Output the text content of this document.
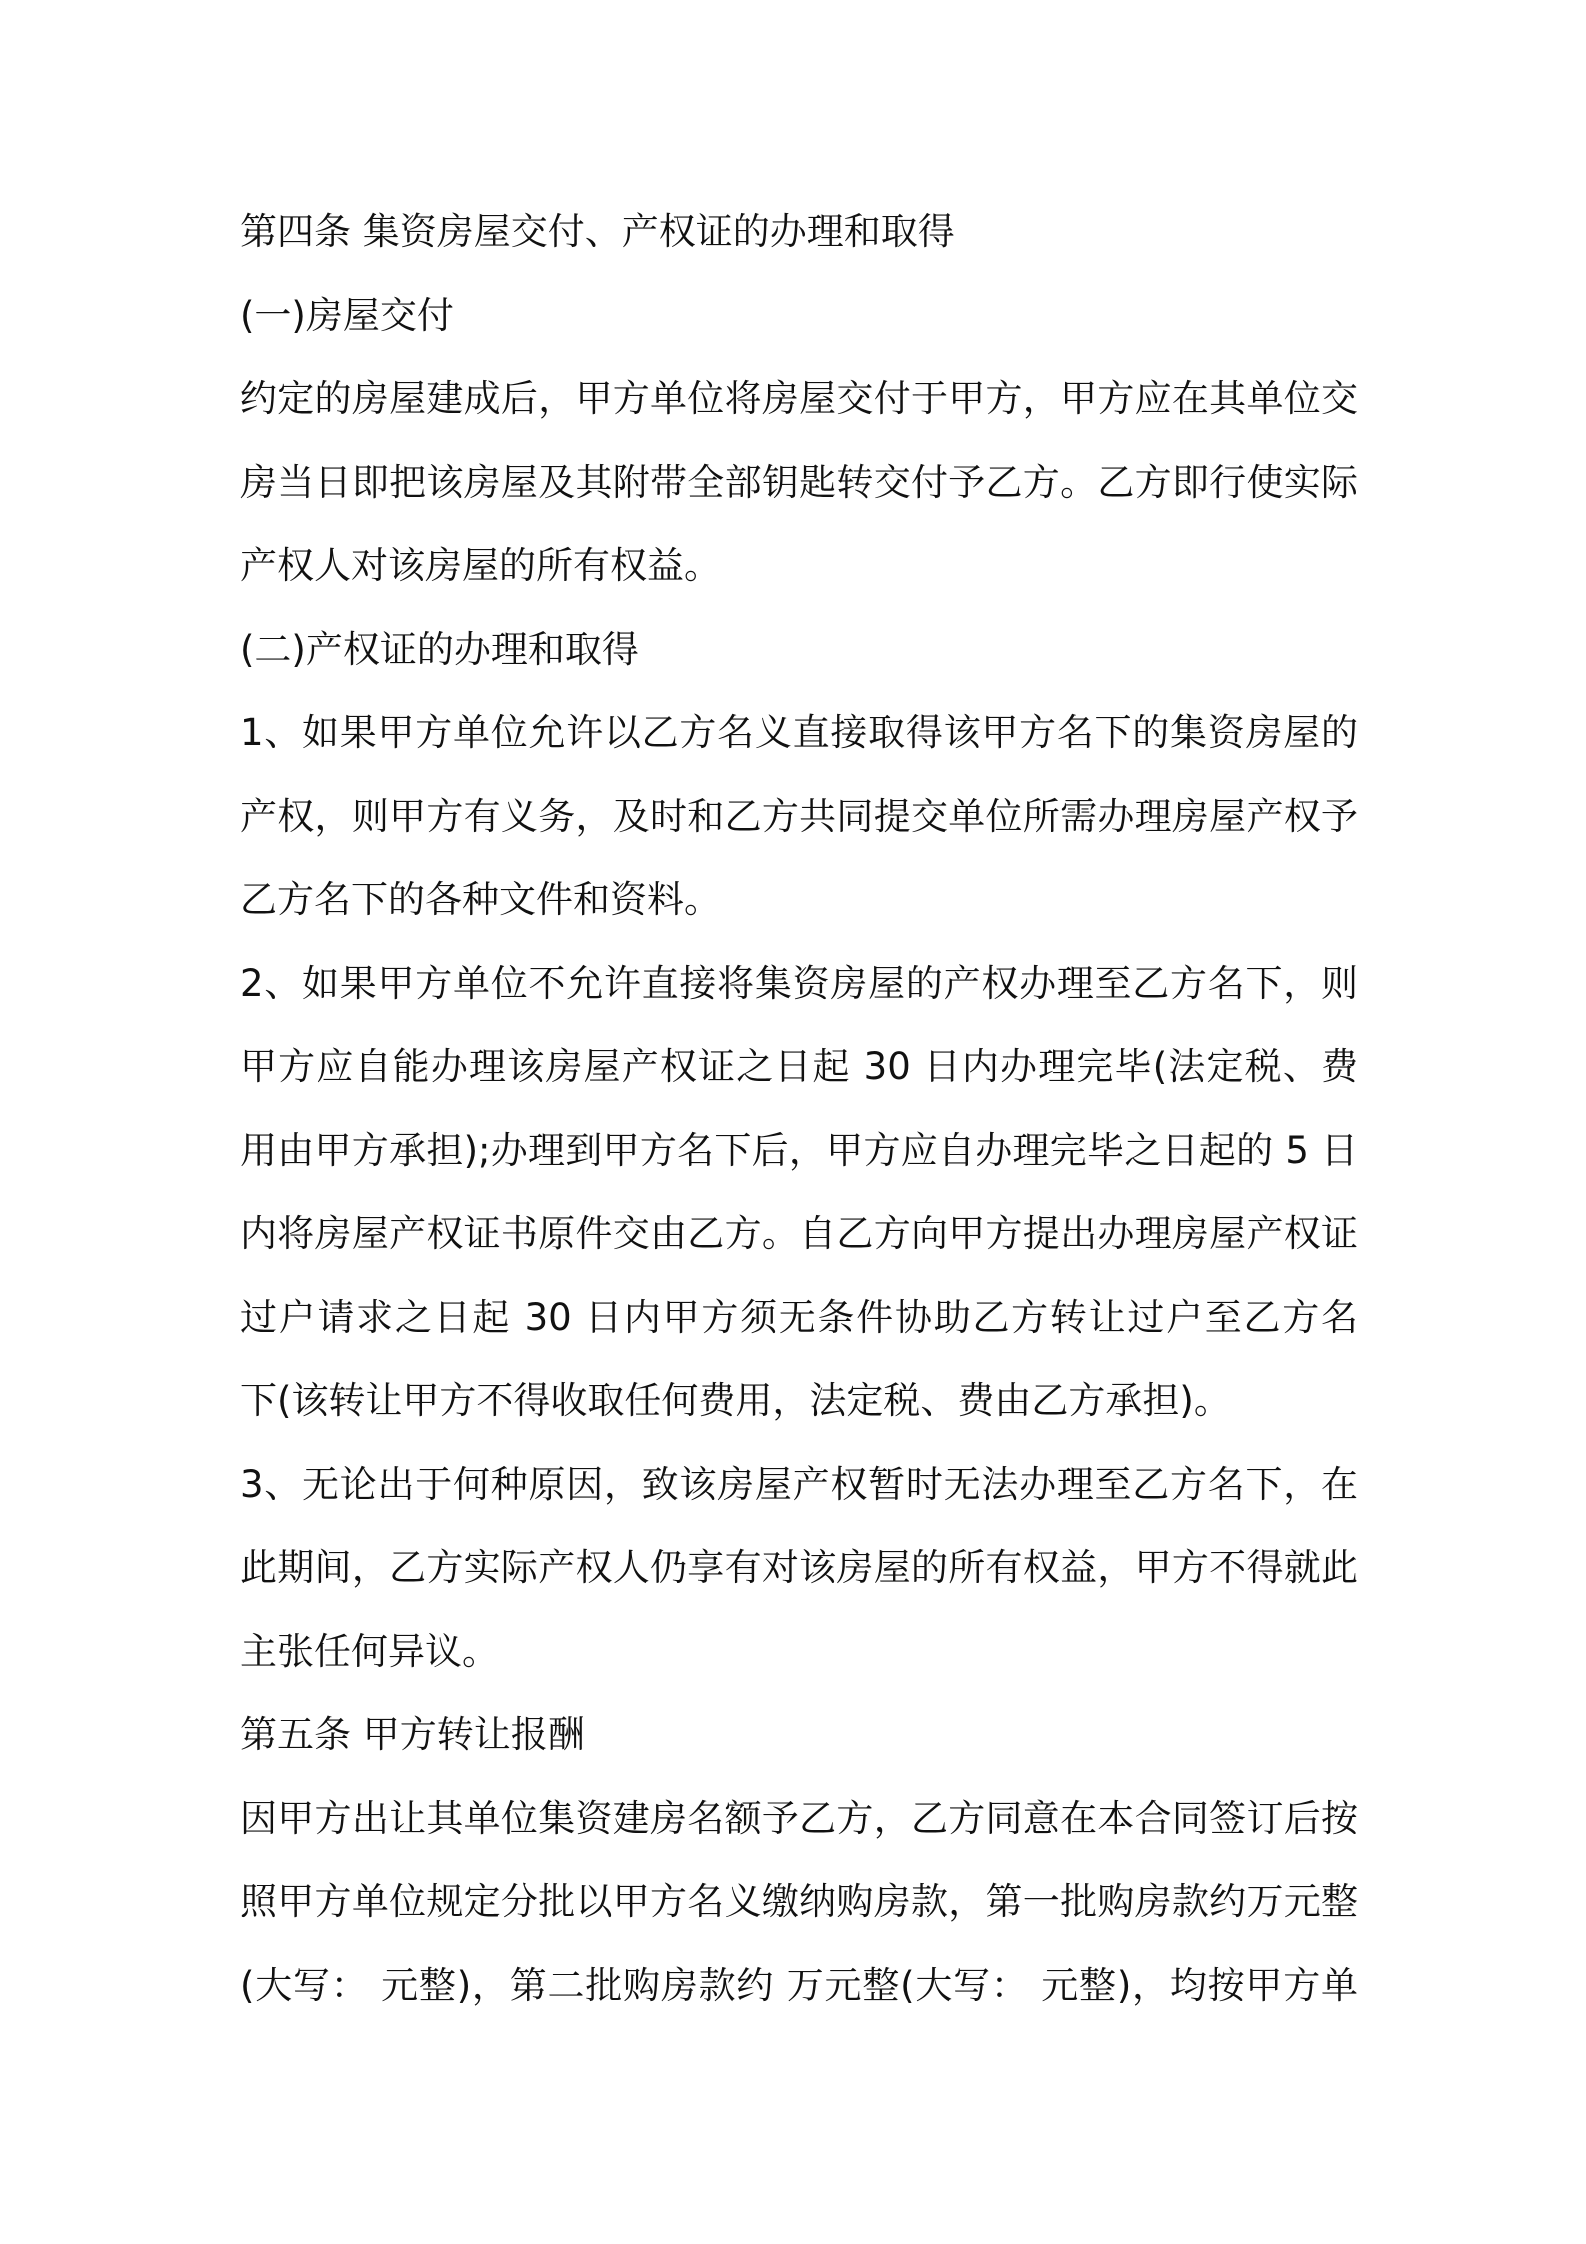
第四条 集资房屋交付、产权证的办理和取得
(一)房屋交付
约定的房屋建成后，甲方单位将房屋交付于甲方，甲方应在其单位交
房当日即把该房屋及其附带全部钥匙转交付予乙方。乙方即行使实际
产权人对该房屋的所有权益。
(二)产权证的办理和取得
1、如果甲方单位允许以乙方名义直接取得该甲方名下的集资房屋的
产权，则甲方有义务，及时和乙方共同提交单位所需办理房屋产权予
乙方名下的各种文件和资料。
2、如果甲方单位不允许直接将集资房屋的产权办理至乙方名下，则
甲方应自能办理该房屋产权证之日起 30 日内办理完毕(法定税、费
用由甲方承担);办理到甲方名下后，甲方应自办理完毕之日起的 5 日
内将房屋产权证书原件交由乙方。自乙方向甲方提出办理房屋产权证
过户请求之日起 30 日内甲方须无条件协助乙方转让过户至乙方名
下(该转让甲方不得收取任何费用，法定税、费由乙方承担)。
3、无论出于何种原因，致该房屋产权暂时无法办理至乙方名下，在
此期间，乙方实际产权人仍享有对该房屋的所有权益，甲方不得就此
主张任何异议。
第五条 甲方转让报酬
因甲方出让其单位集资建房名额予乙方，乙方同意在本合同签订后按
照甲方单位规定分批以甲方名义缴纳购房款，第一批购房款约万元整
(大写： 元整)，第二批购房款约 万元整(大写： 元整)，均按甲方单
